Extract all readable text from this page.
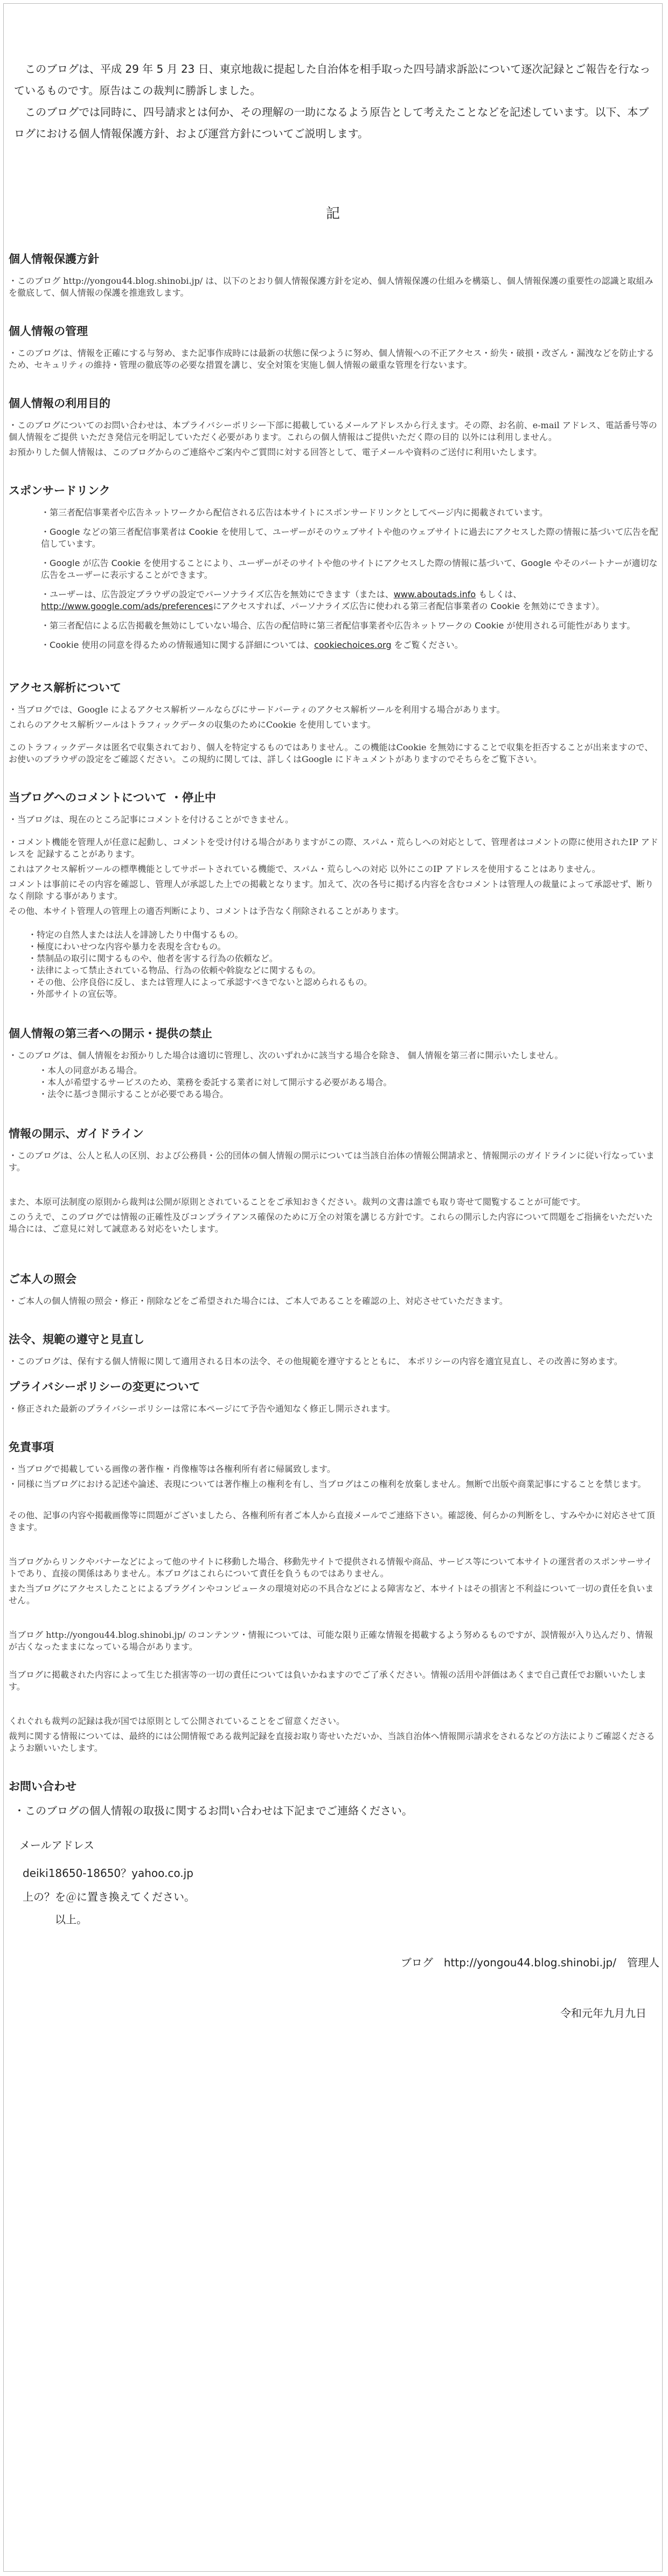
このブログは、平成 29 年 5 月 23 日、東京地裁に提起した自治体を相手取った四号請求訴訟について逐次記録とご報告を行なっているものです。原告はこの裁判に勝訴しました。

このブログでは同時に、四号請求とは何か、その理解の一助になるよう原告として考えたことなどを記述しています。以下、本ブログにおける個人情報保護方針、および運営方針についてご説明します。

記
個人情報保護方針

・このブログ http://yongou44.blog.shinobi.jp/ は、以下のとおり個人情報保護方針を定め、個人情報保護の仕組みを構築し、個人情報保護の重要性の認識と取組みを徹底して、個人情報の保護を推進致します。

個人情報の管理

・このブログは、情報を正確にする与努め、また記事作成時には最新の状態に保つように努め、個人情報への不正アクセス・紛失・破損・改ざん・漏洩などを防止するため、セキュリティの維持・管理の徹底等の必要な措置を講じ、安全対策を実施し個人情報の厳重な管理を行ないます。

個人情報の利用目的

・このブログについてのお問い合わせは、本プライバシーポリシー下部に掲載しているメールアドレスから行えます。その際、お名前、e-mail アドレス、電話番号等の個人情報をご提供 いただき発信元を明記していただく必要があります。これらの個人情報はご提供いただく際の目的 以外には利用しません。

お預かりした個人情報は、このブログからのご連絡やご案内やご質問に対する回答として、電子メールや資料のご送付に利用いたします。

スポンサードリンク
・第三者配信事業者や広告ネットワークから配信される広告は本サイトにスポンサードリンクとしてページ内に掲載されています。
・Google などの第三者配信事業者は Cookie を使用して、ユーザーがそのウェブサイトや他のウェブサイトに過去にアクセスした際の情報に基づいて広告を配信しています。
・Google が広告 Cookie を使用することにより、ユーザーがそのサイトや他のサイトにアクセスした際の情報に基づいて、Google やそのパートナーが適切な広告をユーザーに表示することができます。
・ユーザーは、広告設定ブラウザの設定でパーソナライズ広告を無効にできます（または、www.aboutads.info もしくは、http://www.google.com/ads/preferencesにアクセスすれば、パーソナライズ広告に使われる第三者配信事業者の Cookie を無効にできます）。
・第三者配信による広告掲載を無効にしていない場合、広告の配信時に第三者配信事業者や広告ネットワークの Cookie が使用される可能性があります。
・Cookie 使用の同意を得るための情報通知に関する詳細については、cookiechoices.org をご覧ください。
アクセス解析について

・当ブログでは、Google によるアクセス解析ツールならびにサードパーティのアクセス解析ツールを利用する場合があります。

これらのアクセス解析ツールはトラフィックデータの収集のためにCookie を使用しています。

このトラフィックデータは匿名で収集されており、個人を特定するものではありません。この機能はCookie を無効にすることで収集を拒否することが出来ますので、お使いのブラウザの設定をご確認ください。この規約に関しては、詳しくはGoogle にドキュメントがありますのでそちらをご覧下さい。

当ブログへのコメントについて ・停止中

・当ブログは、現在のところ記事にコメントを付けることができません。

・コメント機能を管理人が任意に起動し、コメントを受け付ける場合がありますがこの際、スパム・荒らしへの対応として、管理者はコメントの際に使用されたIP アドレスを 記録することがあります。

これはアクセス解析ツールの標準機能としてサポートされている機能で、スパム・荒らしへの対応 以外にこのIP アドレスを使用することはありません。

コメントは事前にその内容を確認し、管理人が承認した上での掲載となります。加えて、次の各号に掲げる内容を含むコメントは管理人の裁量によって承認せず、断りなく削除 する事があります。

その他、本サイト管理人の管理上の適否判断により、コメントは予告なく削除されることがあります。

・特定の自然人または法人を誹謗したり中傷するもの。
・極度にわいせつな内容や暴力を表現を含むもの。
・禁制品の取引に関するものや、他者を害する行為の依頼など。
・法律によって禁止されている物品、行為の依頼や斡旋などに関するもの。
・その他、公序良俗に反し、または管理人によって承認すべきでないと認められるもの。
・外部サイトの宣伝等。
個人情報の第三者への開示・提供の禁止

・このブログは、個人情報をお預かりした場合は適切に管理し、次のいずれかに該当する場合を除き、 個人情報を第三者に開示いたしません。

・本人の同意がある場合。
・本人が希望するサービスのため、業務を委託する業者に対して開示する必要がある場合。
・法令に基づき開示することが必要である場合。
情報の開示、ガイドライン

・このブログは、公人と私人の区別、および公務員・公的団体の個人情報の開示については当該自治体の情報公開請求と、情報開示のガイドラインに従い行なっています。

また、本原可法制度の原則から裁判は公開が原則とされていることをご承知おきください。裁判の文書は誰でも取り寄せて閲覧することが可能です。

このうえで、このブログでは情報の正確性及びコンプライアンス確保のために万全の対策を講じる方針です。これらの開示した内容について問題をご指摘をいただいた場合には、ご意見に対して誠意ある対応をいたします。

ご本人の照会

・ご本人の個人情報の照会・修正・削除などをご希望された場合には、ご本人であることを確認の上、対応させていただきます。

法令、規範の遵守と見直し

・このブログは、保有する個人情報に関して適用される日本の法令、その他規範を遵守するとともに、 本ポリシーの内容を適宜見直し、その改善に努めます。

プライバシーポリシーの変更について

・修正された最新のプライバシーポリシーは常に本ページにて予告や通知なく修正し開示されます。

免責事項

・当ブログで掲載している画像の著作権・肖像権等は各権利所有者に帰属致します。

・同様に当ブログにおける記述や論述、表現については著作権上の権利を有し、当ブログはこの権利を放棄しません。無断で出版や商業記事にすることを禁じます。

その他、記事の内容や掲載画像等に問題がございましたら、各権利所有者ご本人から直接メールでご連絡下さい。確認後、何らかの判断をし、すみやかに対応させて頂きます。

当ブログからリンクやバナーなどによって他のサイトに移動した場合、移動先サイトで提供される情報や商品、サービス等について本サイトの運営者のスポンサーサイトであり、直接の関係はありません。本ブログはこれらについて責任を負うものではありません。

また当ブログにアクセスしたことによるプラグインやコンピュータの環境対応の不具合などによる障害など、本サイトはその損害と不利益について一切の責任を負いません。

当ブログ http://yongou44.blog.shinobi.jp/ のコンテンツ・情報については、可能な限り正確な情報を掲載するよう努めるものですが、誤情報が入り込んだり、情報が古くなったままになっている場合があります。

当ブログに掲載された内容によって生じた損害等の一切の責任については負いかねますのでご了承ください。情報の活用や評価はあくまで自己責任でお願いいたします。

くれぐれも裁判の記録は我が国では原則として公開されていることをご留意ください。

裁判に関する情報については、最終的には公開情報である裁判記録を直接お取り寄せいただいか、当該自治体へ情報開示請求をされるなどの方法によりご確認くださるようお願いいたします。

お問い合わせ

・このブログの個人情報の取扱に関するお問い合わせは下記までご連絡ください。

メールアドレス

deiki18650-18650？yahoo.co.jp

上の？を＠に置き換えてください。

以上。

ブログ　http://yongou44.blog.shinobi.jp/　管理人

令和元年九月九日
